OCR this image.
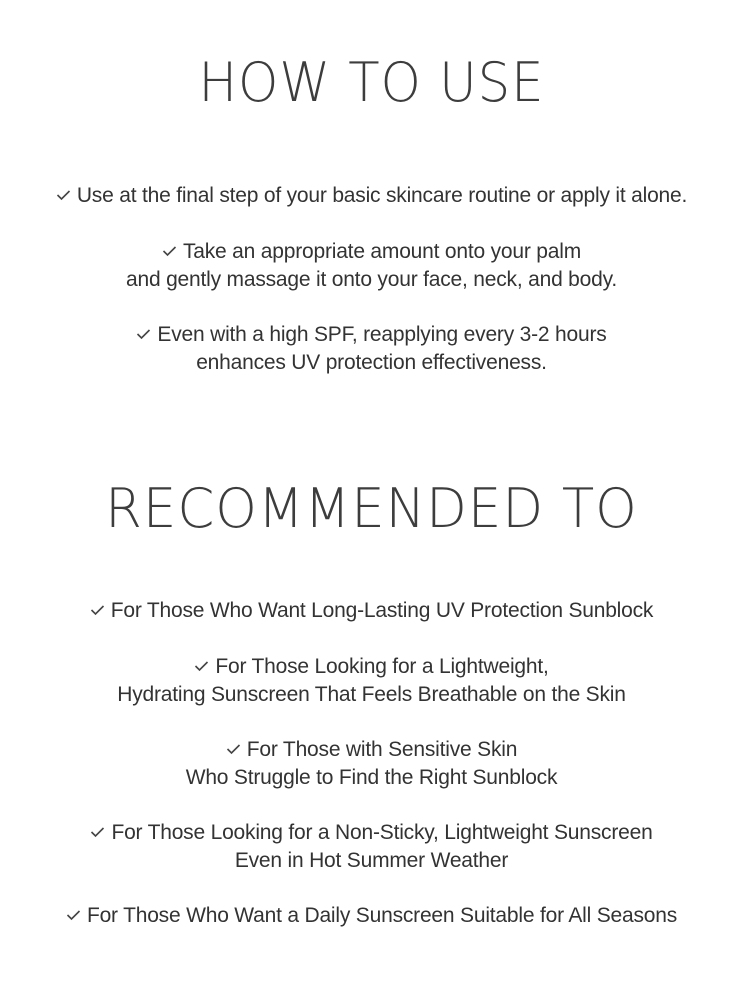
HOW TO USE
Use at the final step of your basic skincare routine or apply it alone.
Take an appropriate amount onto your palm
and gently massage it onto your face, neck, and body.
Even with a high SPF, reapplying every 3-2 hours
enhances UV protection effectiveness.
RECOMMENDED TO
For Those Who Want Long-Lasting UV Protection Sunblock
For Those Looking for a Lightweight,
Hydrating Sunscreen That Feels Breathable on the Skin
For Those with Sensitive Skin
Who Struggle to Find the Right Sunblock
For Those Looking for a Non-Sticky, Lightweight Sunscreen
Even in Hot Summer Weather
For Those Who Want a Daily Sunscreen Suitable for All Seasons
